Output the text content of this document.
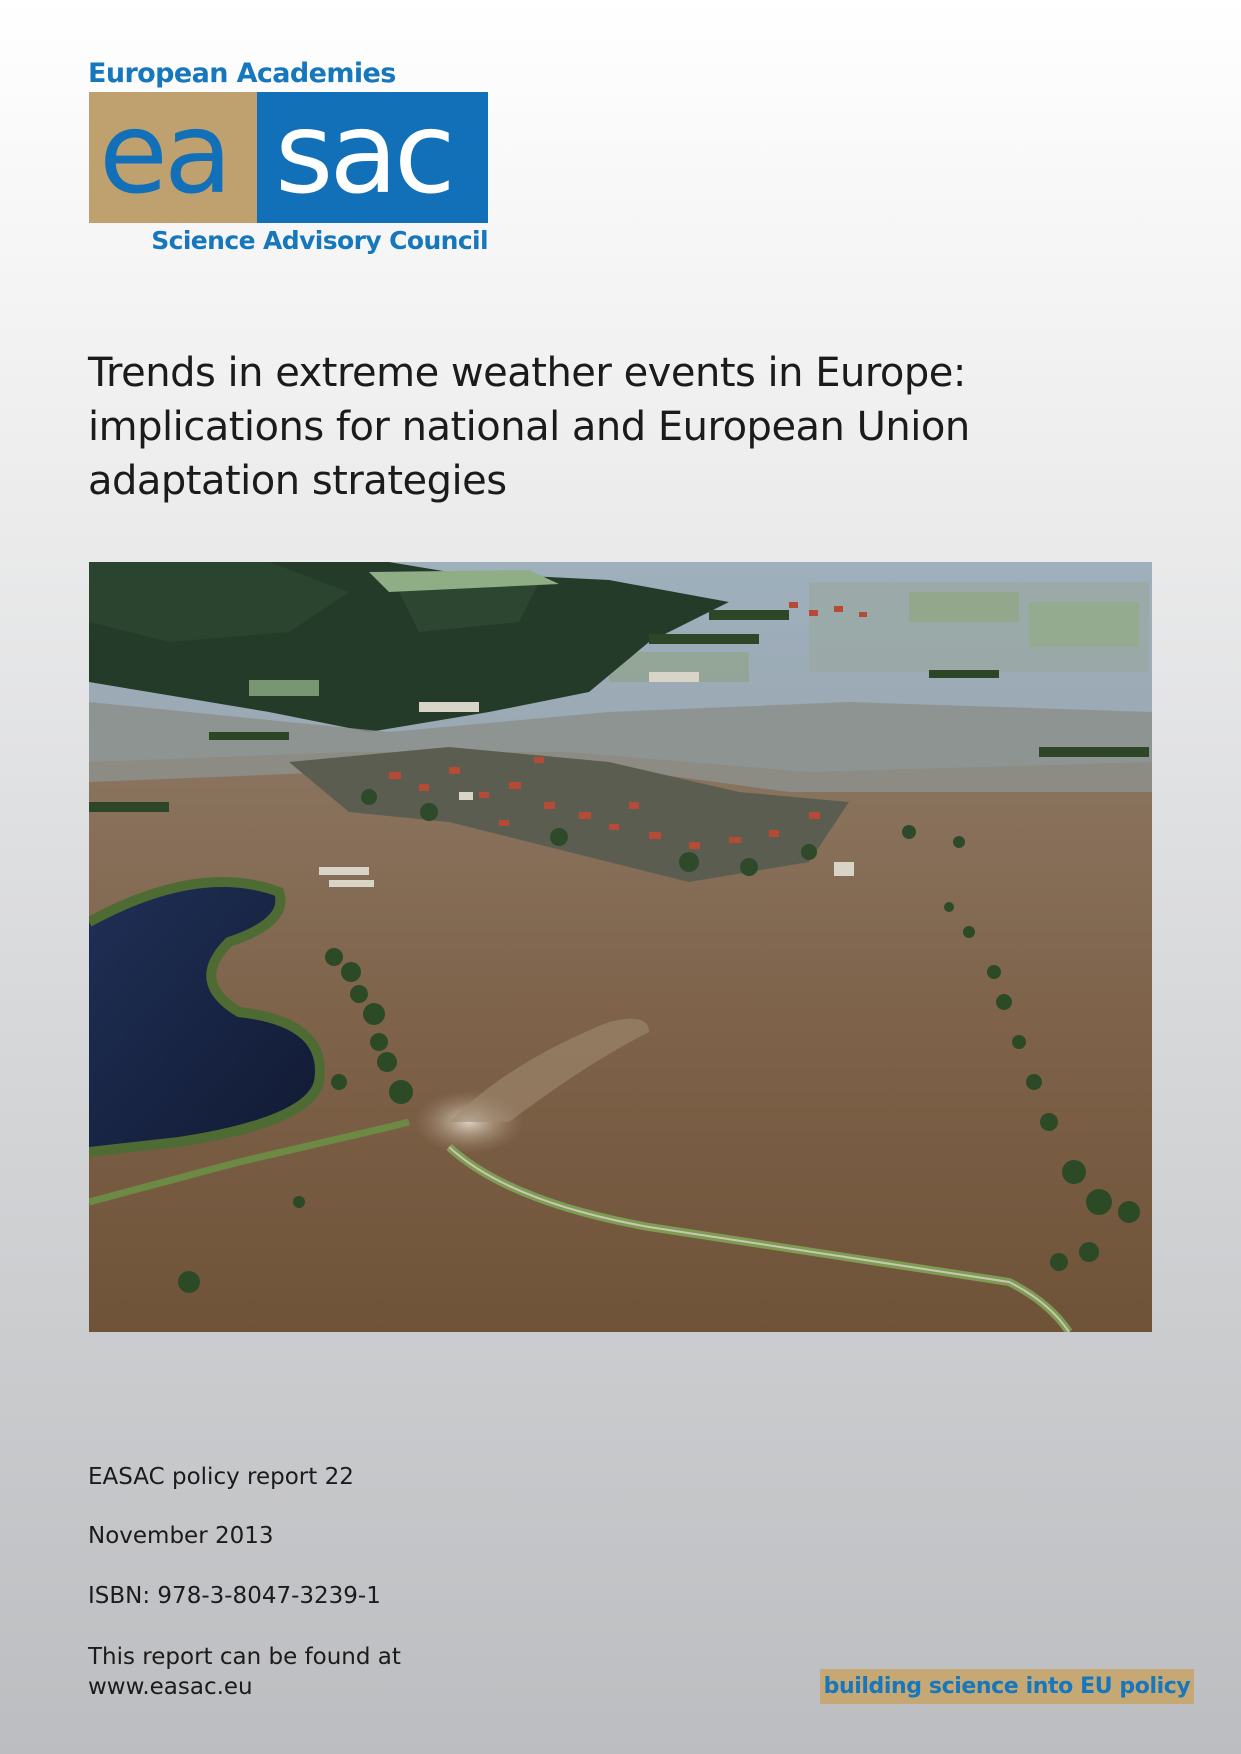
European Academies
ea sac
Science Advisory Council
Trends in extreme weather events in Europe:
implications for national and European Union
adaptation strategies
EASAC policy report 22
November 2013
ISBN: 978-3-8047-3239-1
This report can be found at
www.easac.eu	building science into EU policy
